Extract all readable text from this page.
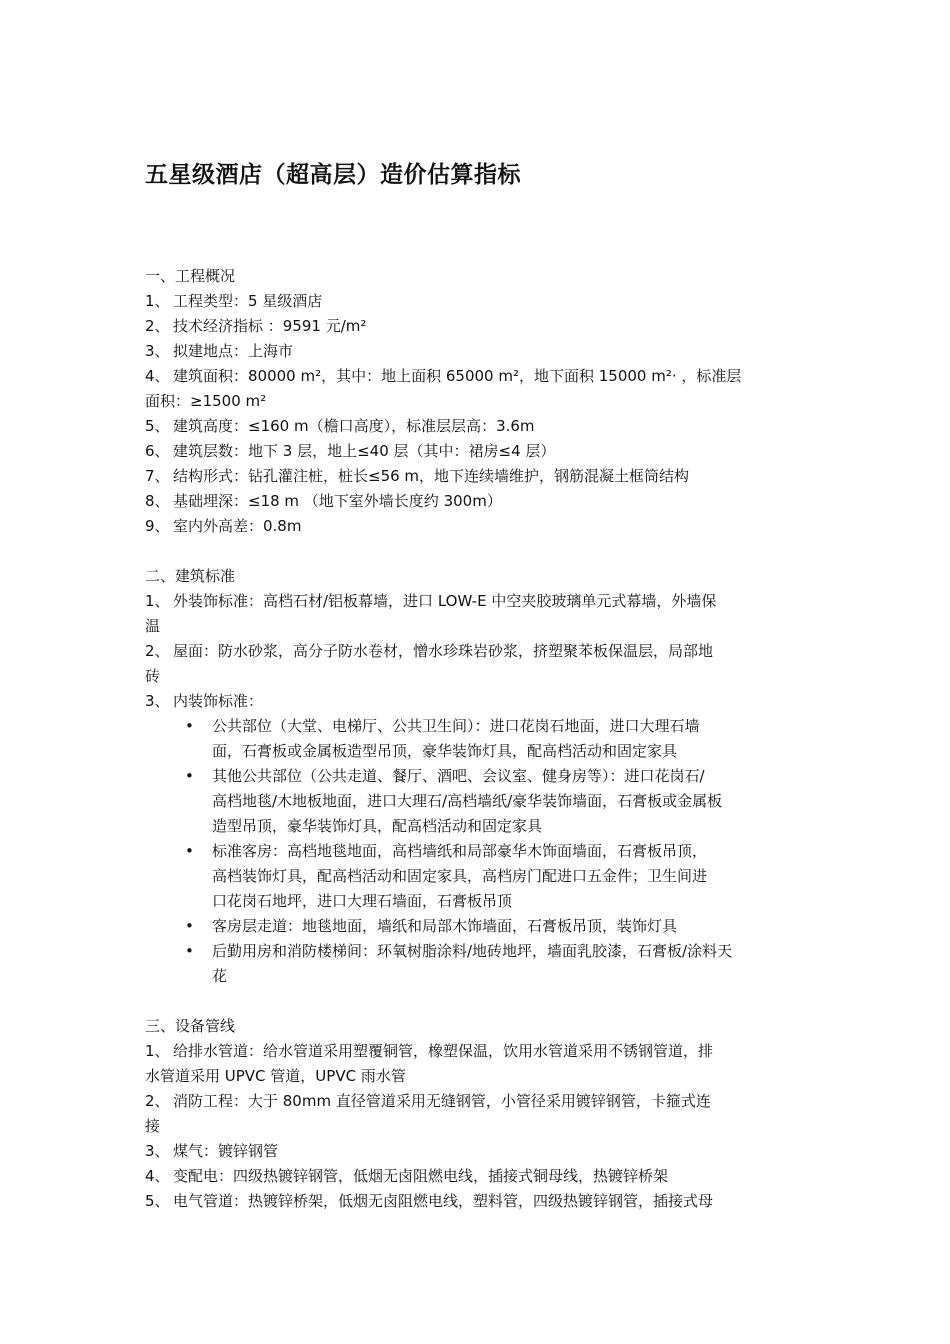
五星级酒店（超高层）造价估算指标
一、工程概况
1、 工程类型：5 星级酒店
2、 技术经济指标 ：9591 元/m²
3、 拟建地点：上海市
4、 建筑面积：80000 m²，其中：地上面积 65000 m²，地下面积 15000 m²· ，标准层
面积：≥1500 m²
5、 建筑高度：≤160 m（檐口高度），标准层层高：3.6m
6、 建筑层数：地下 3 层，地上≤40 层（其中：裙房≤4 层）
7、 结构形式：钻孔灌注桩，桩长≤56 m，地下连续墙维护，钢筋混凝土框筒结构
8、 基础埋深：≤18 m （地下室外墙长度约 300m）
9、 室内外高差：0.8m
二、建筑标准
1、 外装饰标准：高档石材/铝板幕墙，进口 LOW-E 中空夹胶玻璃单元式幕墙，外墙保
温
2、 屋面：防水砂浆，高分子防水卷材，憎水珍珠岩砂浆，挤塑聚苯板保温层，局部地
砖
3、 内装饰标准：
• 公共部位（大堂、电梯厅、公共卫生间）：进口花岗石地面，进口大理石墙
面，石膏板或金属板造型吊顶，豪华装饰灯具，配高档活动和固定家具
• 其他公共部位（公共走道、餐厅、酒吧、会议室、健身房等）：进口花岗石/
高档地毯/木地板地面，进口大理石/高档墙纸/豪华装饰墙面，石膏板或金属板
造型吊顶，豪华装饰灯具，配高档活动和固定家具
• 标准客房：高档地毯地面，高档墙纸和局部豪华木饰面墙面，石膏板吊顶，
高档装饰灯具，配高档活动和固定家具，高档房门配进口五金件；卫生间进
口花岗石地坪，进口大理石墙面，石膏板吊顶
• 客房层走道：地毯地面，墙纸和局部木饰墙面，石膏板吊顶，装饰灯具
• 后勤用房和消防楼梯间：环氧树脂涂料/地砖地坪，墙面乳胶漆，石膏板/涂料天
花
三、设备管线
1、 给排水管道：给水管道采用塑覆铜管，橡塑保温，饮用水管道采用不锈钢管道，排
水管道采用 UPVC 管道，UPVC 雨水管
2、 消防工程：大于 80mm 直径管道采用无缝钢管，小管径采用镀锌钢管，卡箍式连
接
3、 煤气：镀锌钢管
4、 变配电：四级热镀锌钢管，低烟无卤阻燃电线，插接式铜母线，热镀锌桥架
5、 电气管道：热镀锌桥架，低烟无卤阻燃电线，塑料管，四级热镀锌钢管，插接式母
